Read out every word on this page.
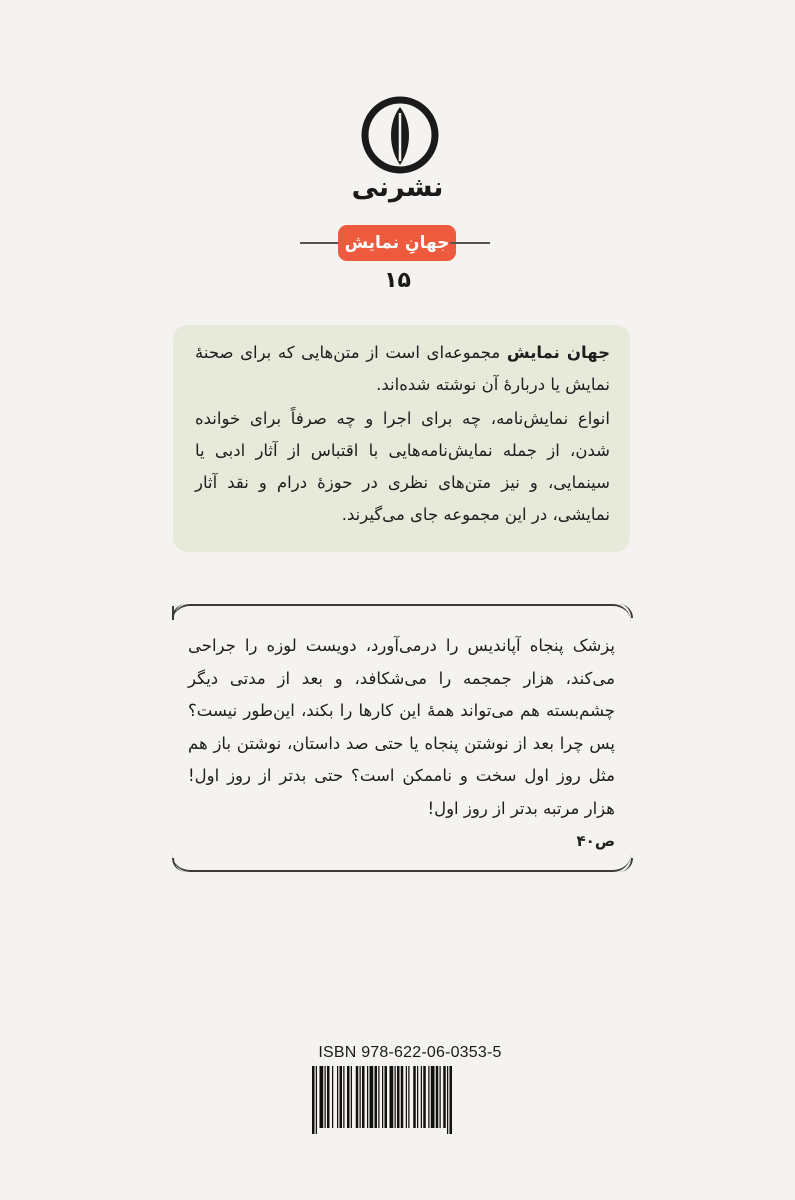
نشرنی
جهانِ نمایش
۱۵

جهان نمایش مجموعه‌ای است از متن‌هایی که برای صحنهٔ نمایش یا دربارهٔ آن نوشته شده‌اند.

انواع نمایش‌نامه، چه برای اجرا و چه صرفاً برای خوانده شدن، از جمله نمایش‌نامه‌هایی با اقتباس از آثار ادبی یا سینمایی، و نیز متن‌های نظری در حوزهٔ درام و نقد آثار نمایشی، در این مجموعه جای می‌گیرند.

پزشک پنجاه آپاندیس را درمی‌آورد، دویست لوزه را جراحی می‌کند، هزار جمجمه را می‌شکافد، و بعد از مدتی دیگر چشم‌بسته هم می‌تواند همهٔ این کارها را بکند، این‌طور نیست؟ پس چرا بعد از نوشتن پنجاه یا حتی صد داستان، نوشتن باز هم مثل روز اول سخت و ناممکن است؟ حتی بدتر از روز اول! هزار مرتبه بدتر از روز اول!
ص۴۰
ISBN 978-622-06-0353-5
